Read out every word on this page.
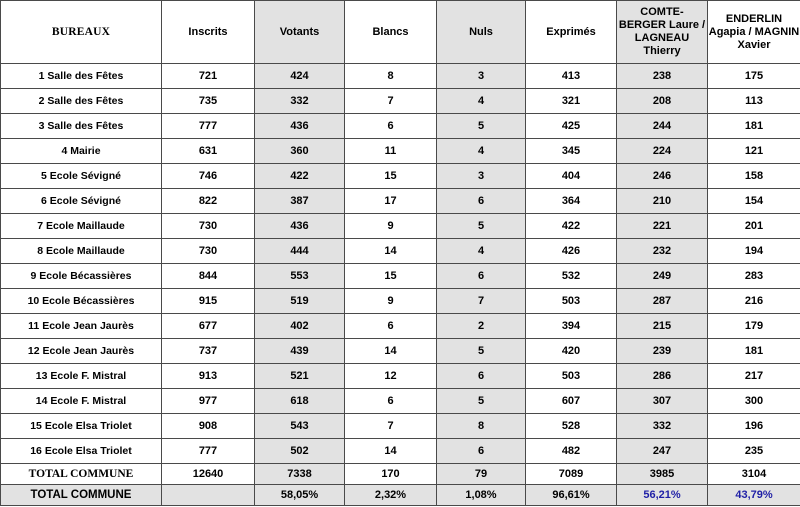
BUREAUX	Inscrits	Votants	Blancs	Nuls	Exprimés	COMTE-BERGER Laure / LAGNEAU Thierry	ENDERLIN Agapia / MAGNIN Xavier
1 Salle des Fêtes	721	424	8	3	413	238	175
2 Salle des Fêtes	735	332	7	4	321	208	113
3 Salle des Fêtes	777	436	6	5	425	244	181
4 Mairie	631	360	11	4	345	224	121
5 Ecole Sévigné	746	422	15	3	404	246	158
6 Ecole Sévigné	822	387	17	6	364	210	154
7 Ecole Maillaude	730	436	9	5	422	221	201
8 Ecole Maillaude	730	444	14	4	426	232	194
9 Ecole Bécassières	844	553	15	6	532	249	283
10 Ecole Bécassières	915	519	9	7	503	287	216
11 Ecole Jean Jaurès	677	402	6	2	394	215	179
12 Ecole Jean Jaurès	737	439	14	5	420	239	181
13 Ecole F. Mistral	913	521	12	6	503	286	217
14 Ecole F. Mistral	977	618	6	5	607	307	300
15 Ecole Elsa Triolet	908	543	7	8	528	332	196
16 Ecole Elsa Triolet	777	502	14	6	482	247	235
TOTAL COMMUNE	12640	7338	170	79	7089	3985	3104
TOTAL COMMUNE		58,05%	2,32%	1,08%	96,61%	56,21%	43,79%
